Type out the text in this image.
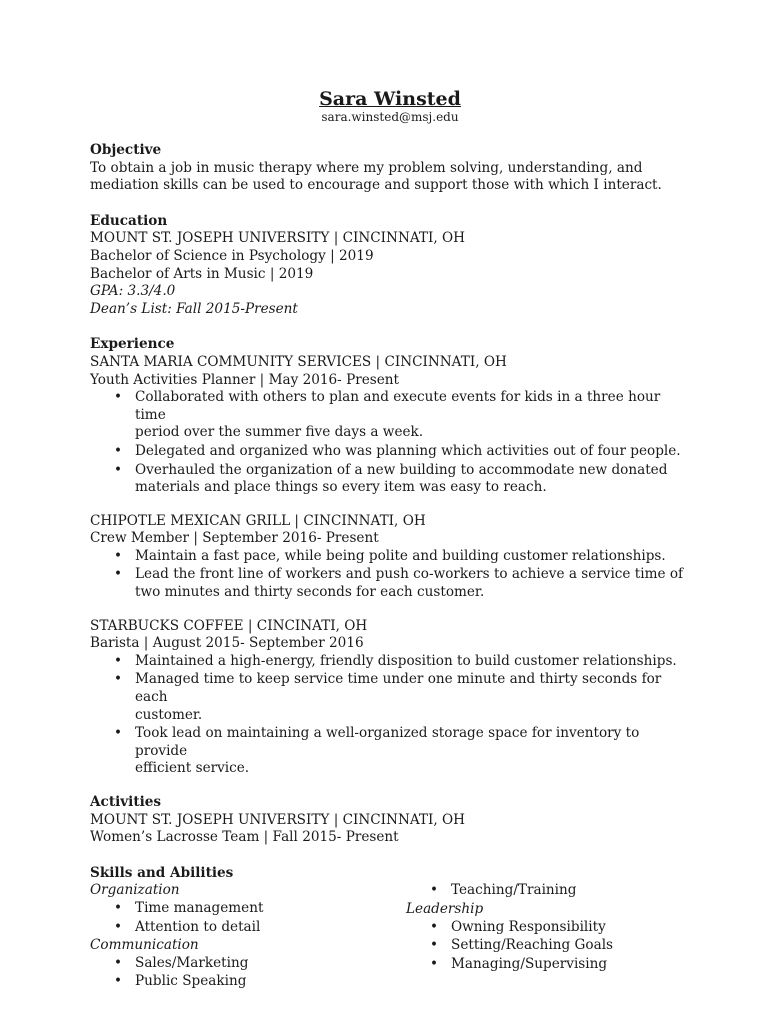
Sara Winsted

sara.winsted@msj.edu

Objective

To obtain a job in music therapy where my problem solving, understanding, and

mediation skills can be used to encourage and support those with which I interact.

Education

MOUNT ST. JOSEPH UNIVERSITY | CINCINNATI, OH

Bachelor of Science in Psychology | 2019

Bachelor of Arts in Music | 2019

GPA: 3.3/4.0

Dean’s List: Fall 2015-Present

Experience

SANTA MARIA COMMUNITY SERVICES | CINCINNATI, OH

Youth Activities Planner | May 2016- Present

• Collaborated with others to plan and execute events for kids in a three hour time
period over the summer five days a week.
• Delegated and organized who was planning which activities out of four people.
• Overhauled the organization of a new building to accommodate new donated
materials and place things so every item was easy to reach.

CHIPOTLE MEXICAN GRILL | CINCINNATI, OH

Crew Member | September 2016- Present

• Maintain a fast pace, while being polite and building customer relationships.
• Lead the front line of workers and push co-workers to achieve a service time of
two minutes and thirty seconds for each customer.

STARBUCKS COFFEE | CINCINATI, OH

Barista | August 2015- September 2016

• Maintained a high-energy, friendly disposition to build customer relationships.
• Managed time to keep service time under one minute and thirty seconds for each
customer.
• Took lead on maintaining a well-organized storage space for inventory to provide
efficient service.

Activities

MOUNT ST. JOSEPH UNIVERSITY | CINCINNATI, OH

Women’s Lacrosse Team | Fall 2015- Present

Skills and Abilities

Organization

• Time management
• Attention to detail

Communication

• Sales/Marketing
• Public Speaking
• Teaching/Training

Leadership

• Owning Responsibility
• Setting/Reaching Goals
• Managing/Supervising
